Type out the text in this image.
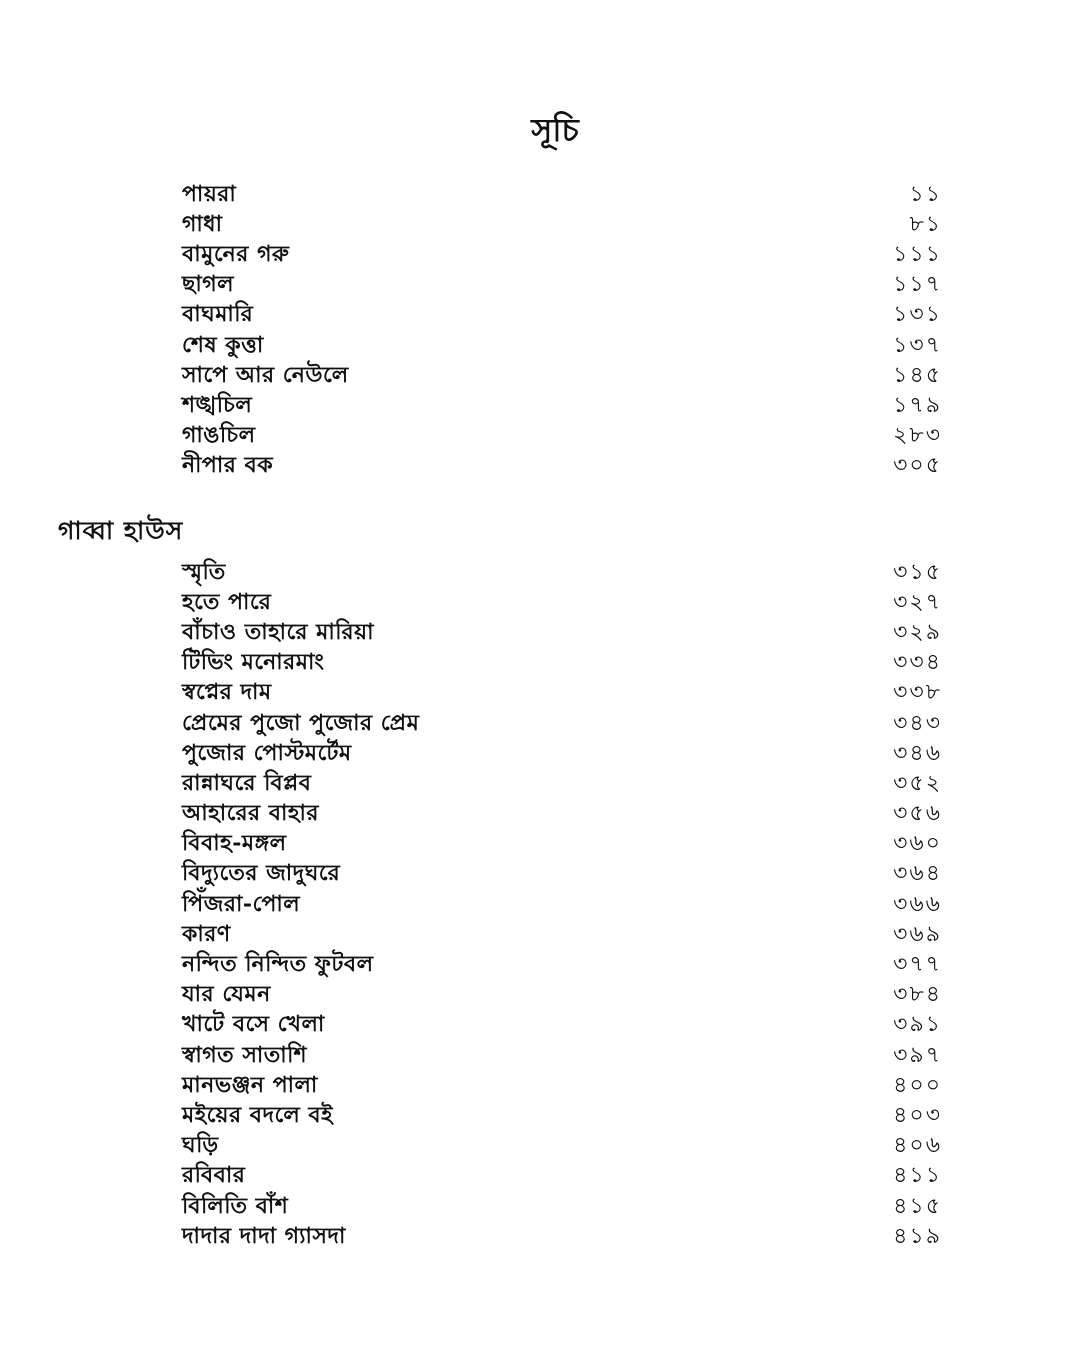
সূচি
পায়রা	১১
গাধা	৮১
বামুনের গরু	১১১
ছাগল	১১৭
বাঘমারি	১৩১
শেষ কুত্তা	১৩৭
সাপে আর নেউলে	১৪৫
শঙ্খচিল	১৭৯
গাঙচিল	২৮৩
নীপার বক	৩০৫
গাব্বা হাউস
স্মৃতি	৩১৫
হতে পারে	৩২৭
বাঁচাও তাহারে মারিয়া	৩২৯
টিভিং মনোরমাং	৩৩৪
স্বপ্নের দাম	৩৩৮
প্রেমের পুজো পুজোর প্রেম	৩৪৩
পুজোর পোস্টমর্টেম	৩৪৬
রান্নাঘরে বিপ্লব	৩৫২
আহারের বাহার	৩৫৬
বিবাহ-মঙ্গল	৩৬০
বিদ্যুতের জাদুঘরে	৩৬৪
পিঁজরা-পোল	৩৬৬
কারণ	৩৬৯
নন্দিত নিন্দিত ফুটবল	৩৭৭
যার যেমন	৩৮৪
খাটে বসে খেলা	৩৯১
স্বাগত সাতাশি	৩৯৭
মানভঞ্জন পালা	৪০০
মইয়ের বদলে বই	৪০৩
ঘড়ি	৪০৬
রবিবার	৪১১
বিলিতি বাঁশ	৪১৫
দাদার দাদা গ্যাসদা	৪১৯
